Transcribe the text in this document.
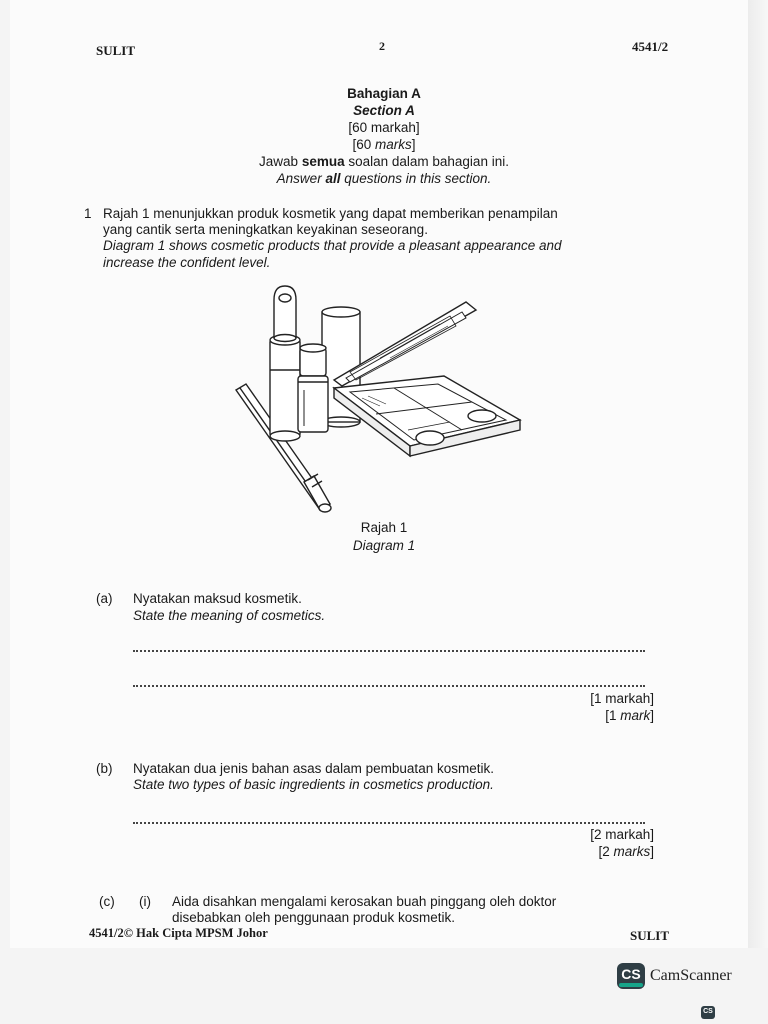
SULIT	2	4541/2
Bahagian A
Section A
[60 markah]
[60 marks]
Jawab semua soalan dalam bahagian ini.
Answer all questions in this section.
1 Rajah 1 menunjukkan produk kosmetik yang dapat memberikan penampilan
yang cantik serta meningkatkan keyakinan seseorang.
Diagram 1 shows cosmetic products that provide a pleasant appearance and
increase the confident level.
Rajah 1
Diagram 1
(a) Nyatakan maksud kosmetik.
State the meaning of cosmetics.
[1 markah]
[1 mark]
(b) Nyatakan dua jenis bahan asas dalam pembuatan kosmetik.
State two types of basic ingredients in cosmetics production.
[2 markah]
[2 marks]
(c) (i) Aida disahkan mengalami kerosakan buah pinggang oleh doktor
disebabkan oleh penggunaan produk kosmetik.
4541/2© Hak Cipta MPSM Johor	SULIT
CS CamScanner
CS
